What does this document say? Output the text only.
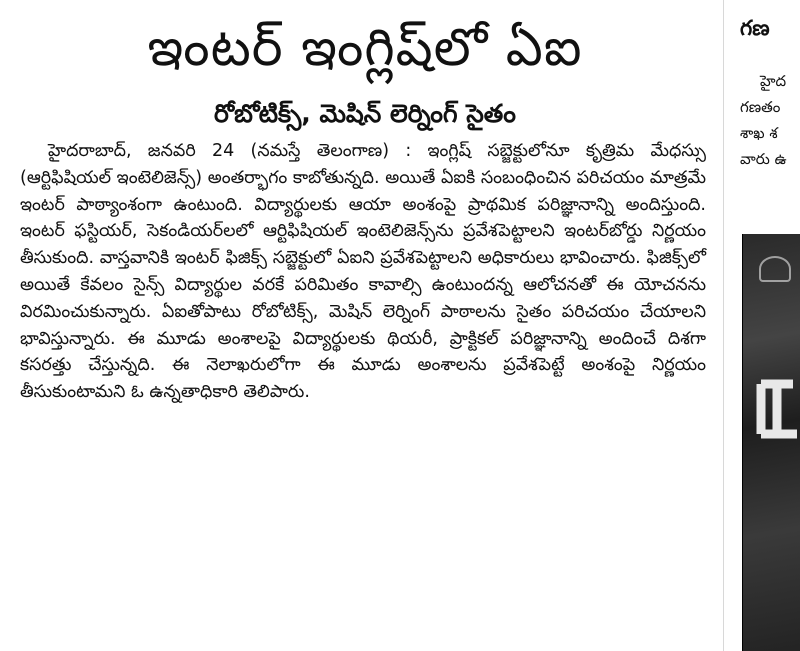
ఇంటర్ ఇంగ్లిష్‌లో ఏఐ
రోబోటిక్స్, మెషిన్ లెర్నింగ్ సైతం

హైదరాబాద్, జనవరి 24 (నమస్తే తెలంగాణ) : ఇంగ్లిష్ సబ్జెక్టులోనూ కృత్రిమ మేధస్సు (ఆర్టిఫిషియల్ ఇంటెలిజెన్స్) అంతర్భాగం కాబోతున్నది. అయితే ఏఐకి సంబంధించిన పరిచయం మాత్రమే ఇంటర్ పాఠ్యాంశంగా ఉంటుంది. విద్యార్థులకు ఆయా అంశంపై ప్రాథమిక పరిజ్ఞానాన్ని అందిస్తుంది. ఇంటర్ ఫస్టియర్, సెకండియర్‌లలో ఆర్టిఫిషియల్ ఇంటెలిజెన్స్‌ను ప్రవేశపెట్టాలని ఇంటర్‌బోర్డు నిర్ణయం తీసుకుంది. వాస్తవానికి ఇంటర్ ఫిజిక్స్ సబ్జెక్టులో ఏఐని ప్రవేశపెట్టాలని అధికారులు భావించారు. ఫిజిక్స్‌లో అయితే కేవలం సైన్స్ విద్యార్థుల వరకే పరిమితం కావాల్సి ఉంటుందన్న ఆలోచనతో ఈ యోచనను విరమించుకున్నారు. ఏఐతోపాటు రోబోటిక్స్, మెషిన్ లెర్నింగ్ పాఠాలను సైతం పరిచయం చేయాలని భావిస్తున్నారు. ఈ మూడు అంశాలపై విద్యార్థులకు థియరీ, ప్రాక్టికల్ పరిజ్ఞానాన్ని అందించే దిశగా కసరత్తు చేస్తున్నది. ఈ నెలాఖరులోగా ఈ మూడు అంశాలను ప్రవేశపెట్టే అంశంపై నిర్ణయం తీసుకుంటామని ఓ ఉన్నతాధికారి తెలిపారు.

గణ
హైద
గణతం
శాఖ శ
వారు ఉ
